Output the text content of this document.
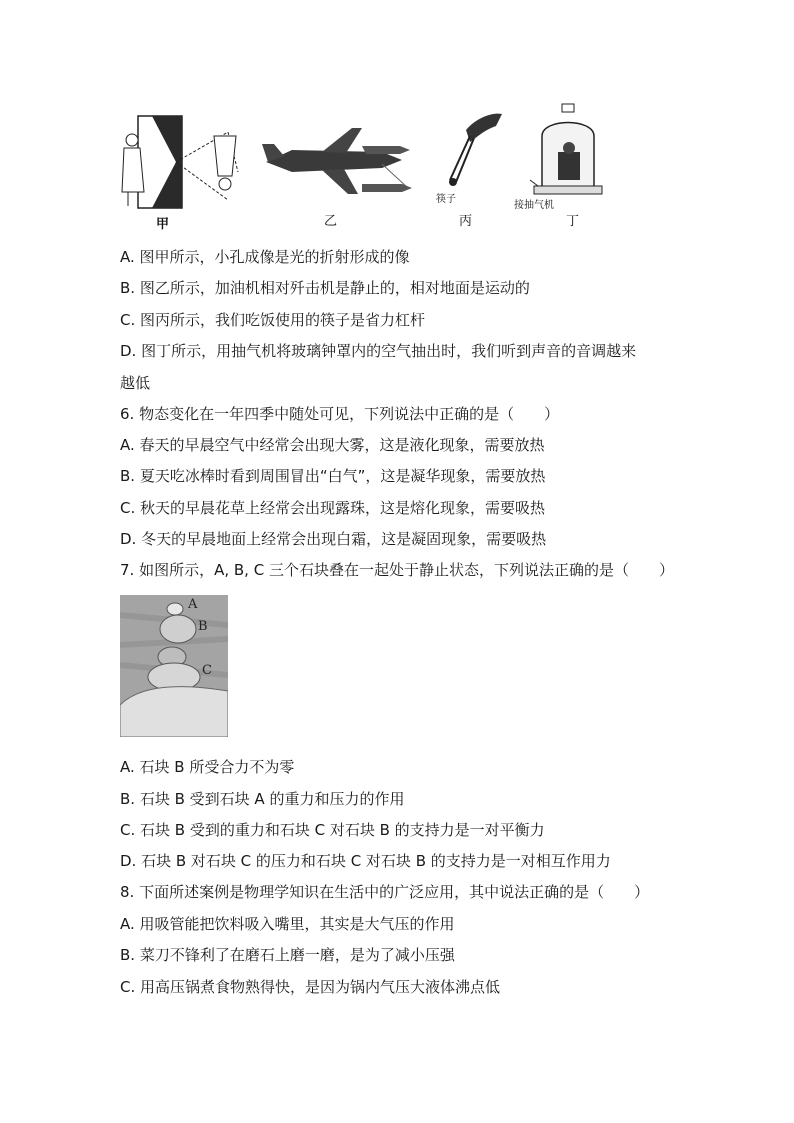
甲	乙
筷子
丙
接抽气机
丁
A. 图甲所示，小孔成像是光的折射形成的像
B. 图乙所示，加油机相对歼击机是静止的，相对地面是运动的
C. 图丙所示，我们吃饭使用的筷子是省力杠杆
D. 图丁所示，用抽气机将玻璃钟罩内的空气抽出时，我们听到声音的音调越来
越低
6. 物态变化在一年四季中随处可见，下列说法中正确的是（　　）
A. 春天的早晨空气中经常会出现大雾，这是液化现象，需要放热
B. 夏天吃冰棒时看到周围冒出“白气”，这是凝华现象，需要放热
C. 秋天的早晨花草上经常会出现露珠，这是熔化现象，需要吸热
D. 冬天的早晨地面上经常会出现白霜，这是凝固现象，需要吸热
7. 如图所示，A, B, C 三个石块叠在一起处于静止状态，下列说法正确的是（　　）
A
B
C
A. 石块 B 所受合力不为零
B. 石块 B 受到石块 A 的重力和压力的作用
C. 石块 B 受到的重力和石块 C 对石块 B 的支持力是一对平衡力
D. 石块 B 对石块 C 的压力和石块 C 对石块 B 的支持力是一对相互作用力
8. 下面所述案例是物理学知识在生活中的广泛应用，其中说法正确的是（　　）
A. 用吸管能把饮料吸入嘴里，其实是大气压的作用
B. 菜刀不锋利了在磨石上磨一磨，是为了减小压强
C. 用高压锅煮食物熟得快，是因为锅内气压大液体沸点低
